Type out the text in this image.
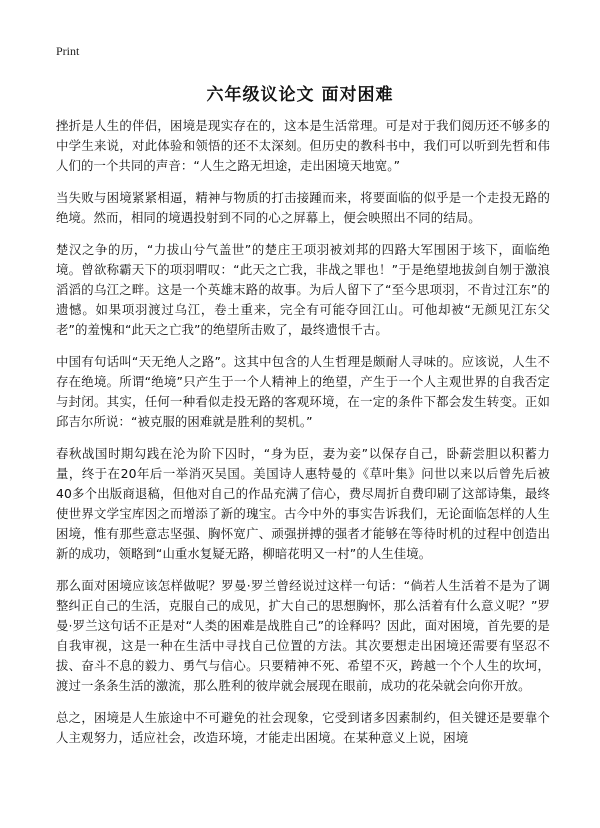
Print
六年级议论文 面对困难

挫折是人生的伴侣，困境是现实存在的，这本是生活常理。可是对于我们阅历还不够多的中学生来说，对此体验和领悟的还不太深刻。但历史的教科书中，我们可以听到先哲和伟人们的一个共同的声音：“人生之路无坦途，走出困境天地宽。”

当失败与困境紧紧相逼，精神与物质的打击接踵而来，将要面临的似乎是一个走投无路的绝境。然而，相同的境遇投射到不同的心之屏幕上，便会映照出不同的结局。

楚汉之争的历，“力拔山兮气盖世”的楚庄王项羽被刘邦的四路大军围困于垓下，面临绝境。曾欲称霸天下的项羽喟叹：“此天之亡我，非战之罪也！”于是绝望地拔剑自刎于激浪滔滔的乌江之畔。这是一个英雄末路的故事。为后人留下了“至今思项羽，不肯过江东”的遗憾。如果项羽渡过乌江，卷土重来，完全有可能夺回江山。可他却被“无颜见江东父老”的羞愧和“此天之亡我”的绝望所击败了，最终遗恨千古。

中国有句话叫“天无绝人之路”。这其中包含的人生哲理是颇耐人寻味的。应该说，人生不存在绝境。所谓“绝境”只产生于一个人精神上的绝望，产生于一个人主观世界的自我否定与封闭。其实，任何一种看似走投无路的客观环境，在一定的条件下都会发生转变。正如邱吉尔所说：“被克服的困难就是胜利的契机。”

春秋战国时期勾践在沦为阶下囚时，“身为臣，妻为妾”以保存自己，卧薪尝胆以积蓄力量，终于在20年后一举消灭吴国。美国诗人惠特曼的《草叶集》问世以来以后曾先后被40多个出版商退稿，但他对自己的作品充满了信心，费尽周折自费印刷了这部诗集，最终使世界文学宝库因之而增添了新的瑰宝。古今中外的事实告诉我们，无论面临怎样的人生困境，惟有那些意志坚强、胸怀宽广、顽强拼搏的强者才能够在等待时机的过程中创造出新的成功，领略到“山重水复疑无路，柳暗花明又一村”的人生佳境。

那么面对困境应该怎样做呢？罗曼·罗兰曾经说过这样一句话：“倘若人生活着不是为了调整纠正自己的生活，克服自己的成见，扩大自己的思想胸怀，那么活着有什么意义呢？”罗曼·罗兰这句话不正是对“人类的困难是战胜自己”的诠释吗？因此，面对困境，首先要的是自我审视，这是一种在生活中寻找自己位置的方法。其次要想走出困境还需要有坚忍不拔、奋斗不息的毅力、勇气与信心。只要精神不死、希望不灭，跨越一个个人生的坎坷，渡过一条条生活的激流，那么胜利的彼岸就会展现在眼前，成功的花朵就会向你开放。

总之，困境是人生旅途中不可避免的社会现象，它受到诸多因素制约，但关键还是要靠个人主观努力，适应社会，改造环境，才能走出困境。在某种意义上说，困境
